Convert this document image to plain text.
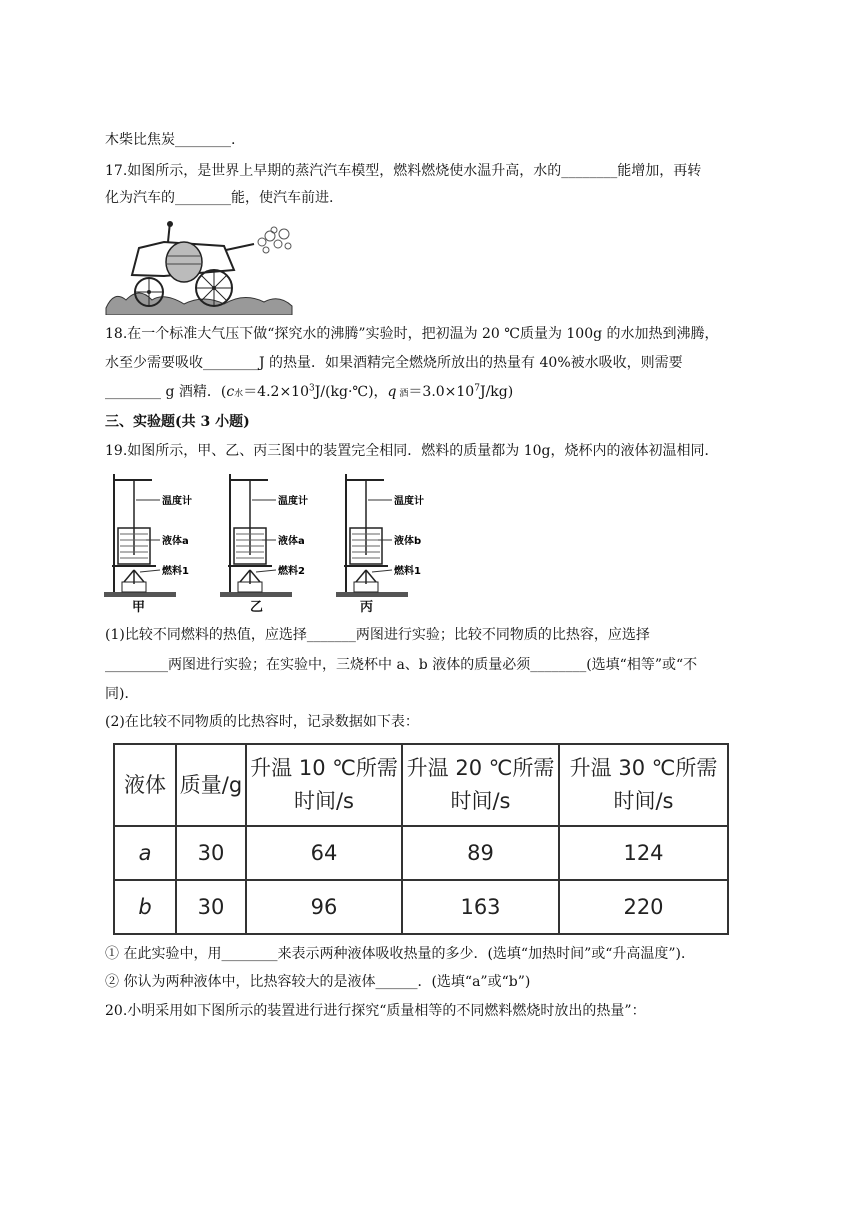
木柴比焦炭________.
17.如图所示，是世界上早期的蒸汽汽车模型，燃料燃烧使水温升高，水的________能增加，再转
化为汽车的________能，使汽车前进.
18.在一个标准大气压下做“探究水的沸腾”实验时，把初温为 20 ℃质量为 100g 的水加热到沸腾，
水至少需要吸收________J 的热量．如果酒精完全燃烧所放出的热量有 40%被水吸收，则需要
________ g 酒精．(c水$=4.2\times 10^3J/(kg\cdot℃)$，q 酒$=3.0\times 10^7J/kg$)
三、实验题(共 3 小题)
19.如图所示，甲、乙、丙三图中的装置完全相同．燃料的质量都为 10g，烧杯内的液体初温相同．
温度计
液体a
燃料1
温度计
液体a
燃料2
温度计
液体b
燃料1
甲	乙	丙
(1)比较不同燃料的热值，应选择_______两图进行实验；比较不同物质的比热容，应选择
_________两图进行实验；在实验中，三烧杯中 a、b 液体的质量必须________(选填“相等”或“不
同)．
(2)在比较不同物质的比热容时，记录数据如下表：
液体	质量/g	升温 10 ℃所需时间/s	升温 20 ℃所需时间/s	升温 30 ℃所需时间/s
a	30	64	89	124
b	30	96	163	220
① 在此实验中，用________来表示两种液体吸收热量的多少．(选填“加热时间”或“升高温度”)．
② 你认为两种液体中，比热容较大的是液体______．(选填“a”或“b”)
20.小明采用如下图所示的装置进行进行探究“质量相等的不同燃料燃烧时放出的热量”：
